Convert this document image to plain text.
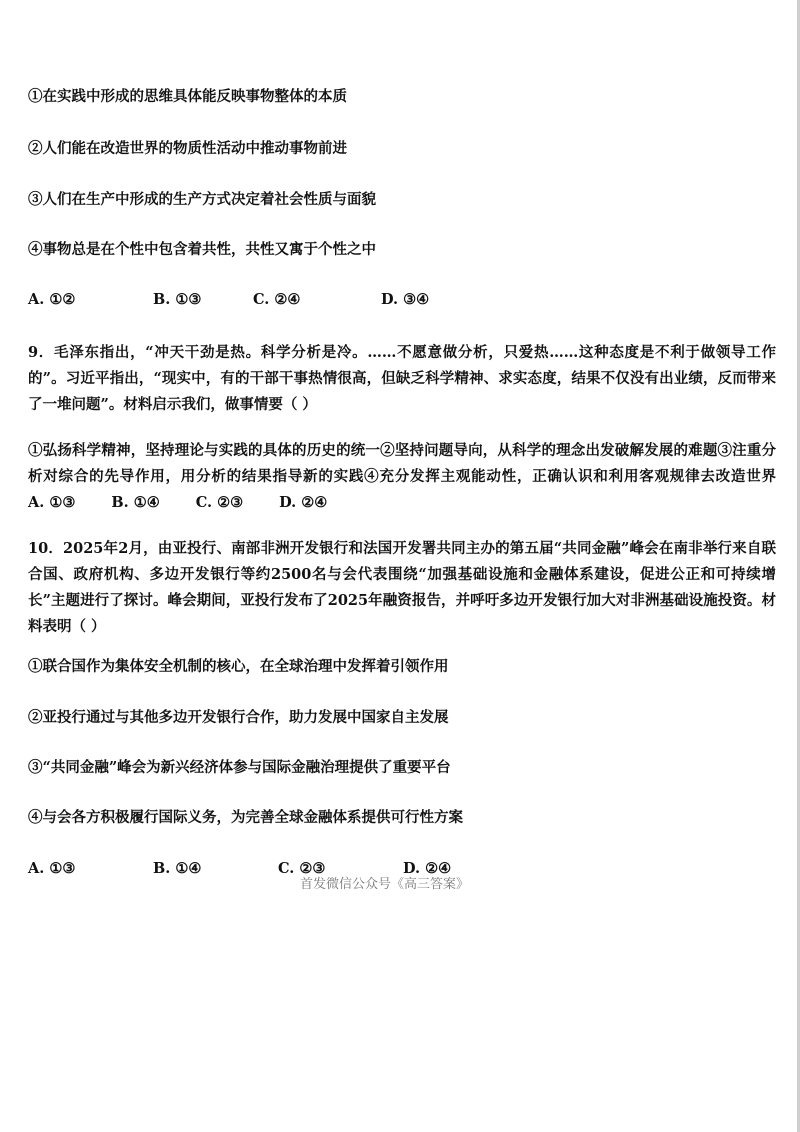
①在实践中形成的思维具体能反映事物整体的本质
②人们能在改造世界的物质性活动中推动事物前进
③人们在生产中形成的生产方式决定着社会性质与面貌
④事物总是在个性中包含着共性，共性又寓于个性之中
A. ①②	B. ①③	C. ②④	D. ③④
9．毛泽东指出，“冲天干劲是热。科学分析是冷。……不愿意做分析，只爱热……这种态度是不利于做领导工作的”。习近平指出，“现实中，有的干部干事热情很高，但缺乏科学精神、求实态度，结果不仅没有出业绩，反而带来了一堆问题”。材料启示我们，做事情要（ ）
①弘扬科学精神，坚持理论与实践的具体的历史的统一②坚持问题导向，从科学的理念出发破解发展的难题③注重分析对综合的先导作用，用分析的结果指导新的实践④充分发挥主观能动性，正确认识和利用客观规律去改造世界A. ①③ B. ①④ C. ②③ D. ②④
10．2025年2月，由亚投行、南部非洲开发银行和法国开发署共同主办的第五届“共同金融”峰会在南非举行来自联合国、政府机构、多边开发银行等约2500名与会代表围绕“加强基础设施和金融体系建设，促进公正和可持续增长”主题进行了探讨。峰会期间，亚投行发布了2025年融资报告，并呼吁多边开发银行加大对非洲基础设施投资。材料表明（ ）
①联合国作为集体安全机制的核心，在全球治理中发挥着引领作用
②亚投行通过与其他多边开发银行合作，助力发展中国家自主发展
③“共同金融”峰会为新兴经济体参与国际金融治理提供了重要平台
④与会各方积极履行国际义务，为完善全球金融体系提供可行性方案
A. ①③	B. ①④	C. ②③	D. ②④
首发微信公众号《高三答案》
